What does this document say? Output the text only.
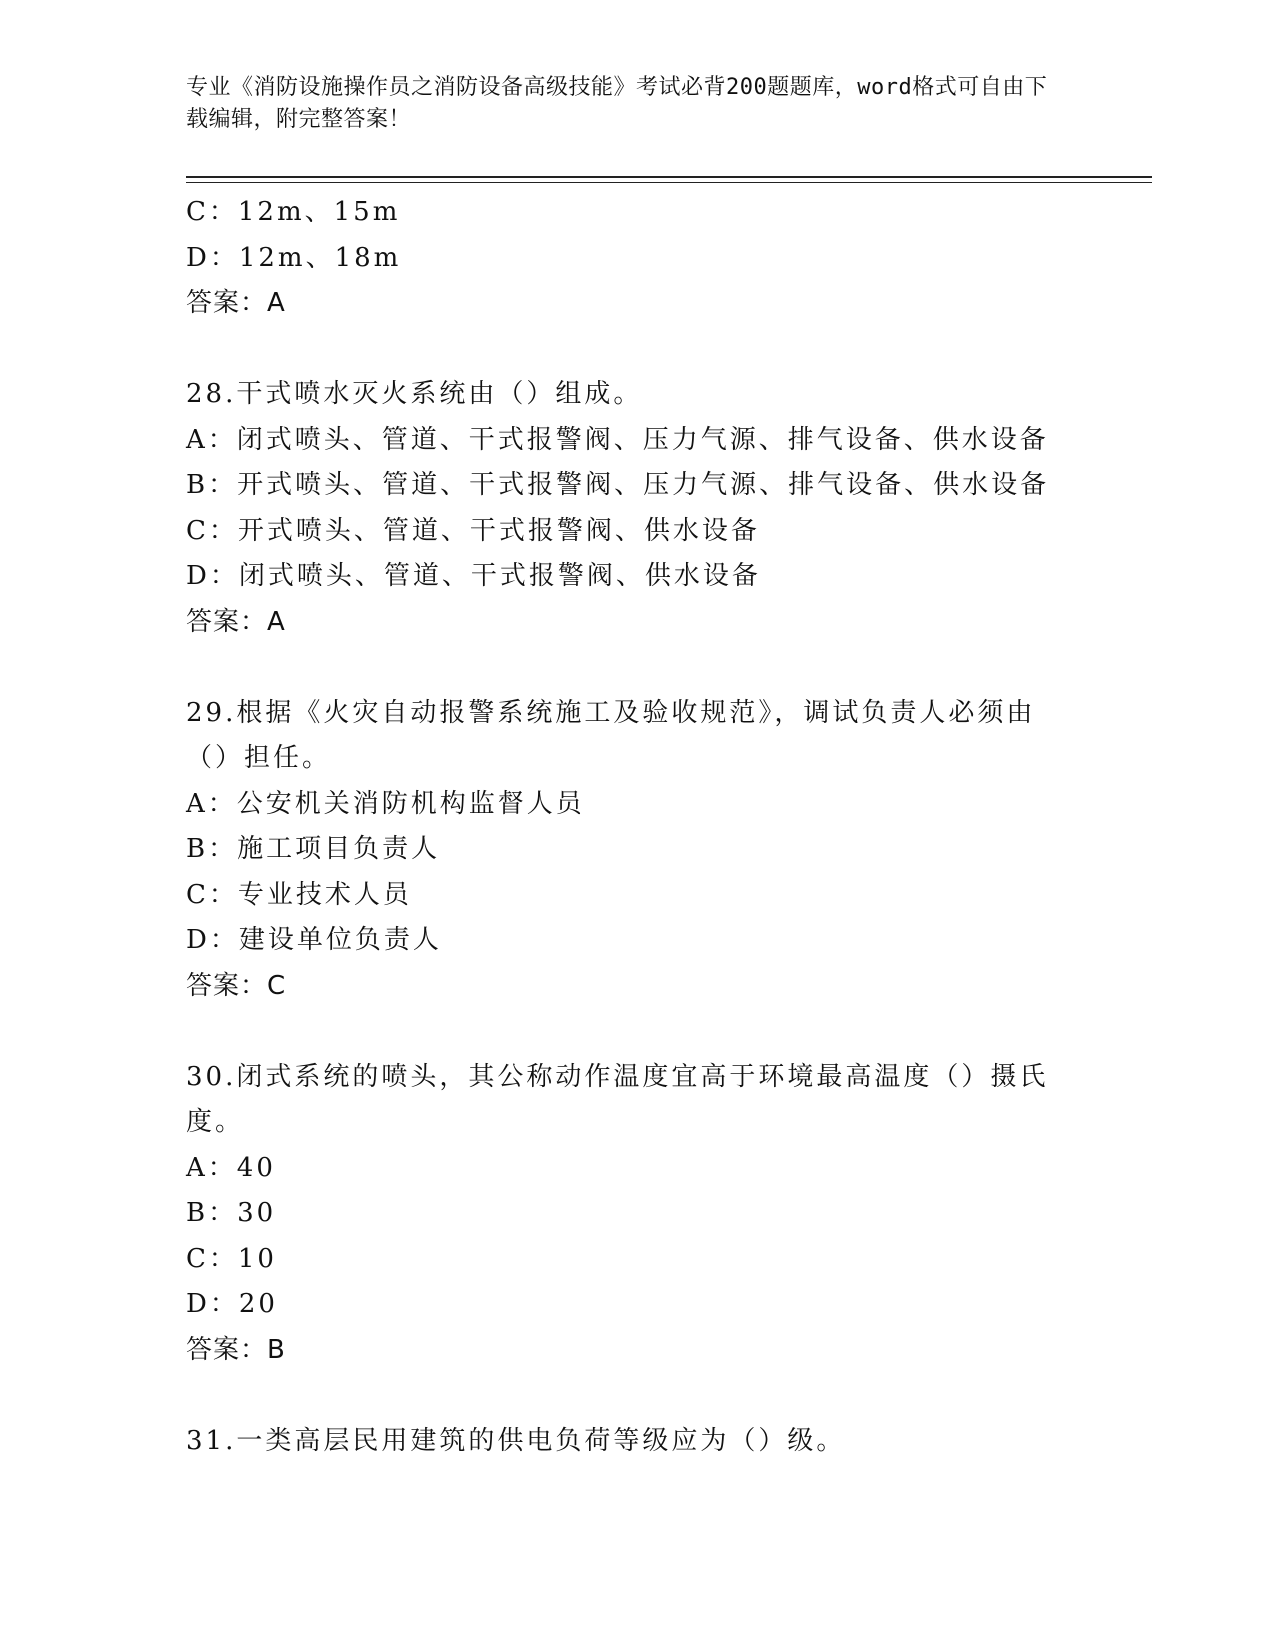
专业《消防设施操作员之消防设备高级技能》考试必背200题题库，word格式可自由下载编辑，附完整答案！
C：12m、15m
D：12m、18m
答案：A
28.干式喷水灭火系统由（）组成。
A：闭式喷头、管道、干式报警阀、压力气源、排气设备、供水设备
B：开式喷头、管道、干式报警阀、压力气源、排气设备、供水设备
C：开式喷头、管道、干式报警阀、供水设备
D：闭式喷头、管道、干式报警阀、供水设备
答案：A
29.根据《火灾自动报警系统施工及验收规范》，调试负责人必须由（）担任。
A：公安机关消防机构监督人员
B：施工项目负责人
C：专业技术人员
D：建设单位负责人
答案：C
30.闭式系统的喷头，其公称动作温度宜高于环境最高温度（）摄氏度。
A：40
B：30
C：10
D：20
答案：B
31.一类高层民用建筑的供电负荷等级应为（）级。
